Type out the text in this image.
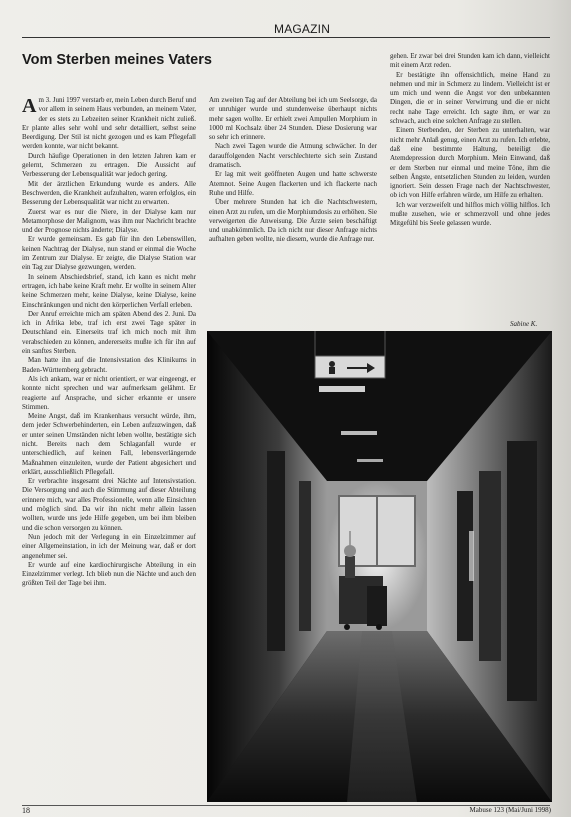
MAGAZIN
Vom Sterben meines Vaters

Am 3. Juni 1997 verstarb er, mein Leben durch Beruf und vor allem in seinem Haus verbunden, an meinem Vater, der es stets zu Lebzeiten seiner Krankheit nicht zuließ. Er plante alles sehr wohl und sehr detailliert, selbst seine Beerdigung. Der Stil ist nicht gezogen und es kam Pflegefall werden konnte, war nicht bekannt.

Durch häufige Operationen in den letzten Jahren kam er gelernt, Schmerzen zu ertragen. Die Aussicht auf Verbesserung der Lebensqualität war jedoch gering.

Mit der ärztlichen Erkundung wurde es anders. Alle Beschwerden, die Krankheit aufzuhalten, waren erfolglos, ein Besserung der Lebensqualität war nicht zu erwarten.

Zuerst war es nur die Niere, in der Dialyse kam nur Metamorphose der Malignom, was ihm nur Nachricht brachte und der Prognose nichts änderte; Dialyse.

Er wurde gemeinsam. Es gab für ihn den Lebenswillen, keinen Nachtrag der Dialyse, nun stand er einmal die Woche im Zentrum zur Dialyse. Er zeigte, die Dialyse Station war ein Tag zur Dialyse gezwungen, werden.

In seinem Abschiedsbrief, stand, ich kann es nicht mehr ertragen, ich habe keine Kraft mehr. Er wollte in seinem Alter keine Schmerzen mehr, keine Dialyse, keine Dialyse, keine Einschränkungen und nicht den körperlichen Verfall erleben.

Der Anruf erreichte mich am späten Abend des 2. Juni. Da ich in Afrika lebe, traf ich erst zwei Tage später in Deutschland ein. Einerseits traf ich mich noch mit ihm verabschieden zu können, andererseits mußte ich für ihn auf ein sanftes Sterben.

Man hatte ihn auf die Intensivstation des Klinikums in Baden-Württemberg gebracht.

Als ich ankam, war er nicht orientiert, er war eingeengt, er konnte nicht sprechen und war aufmerksam gelähmt. Er reagierte auf Ansprache, und sicher erkannte er unsere Stimmen.

Meine Angst, daß im Krankenhaus versucht würde, ihm, dem jeder Schwerbehinderten, ein Leben aufzuzwingen, daß er unter seinen Umständen nicht leben wollte, bestätigte sich nicht. Bereits nach dem Schlaganfall wurde er unterschiedlich, auf keinen Fall, lebensverlängernde Maßnahmen einzuleiten, wurde der Patient abgesichert und erklärt, ausschließlich Pflegefall.

Er verbrachte insgesamt drei Nächte auf Intensivstation. Die Versorgung und auch die Stimmung auf dieser Abteilung erinnere mich, war alles Professionelle, wenn alle Einsichten und möglich sind. Da wir ihn nicht mehr allein lassen wollten, wurde uns jede Hilfe gegeben, um bei ihm bleiben und die schon versorgen zu können.

Nun jedoch mit der Verlegung in ein Einzelzimmer auf einer Allgemeinstation, in ich der Meinung war, daß er dort angenehmer sei.

Er wurde auf eine kardiochirurgische Abteilung in ein Einzelzimmer verlegt. Ich blieb nun die Nächte und auch den größten Teil der Tage bei ihm.

Am zweiten Tag auf der Abteilung bei ich um Seelsorge, da er unruhiger wurde und stundenweise überhaupt nichts mehr sagen wollte. Er erhielt zwei Ampullen Morphium in 1000 ml Kochsalz über 24 Stunden. Diese Dosierung war so sehr ich erinnere.

Nach zwei Tagen wurde die Atmung schwächer. In der darauffolgenden Nacht verschlechterte sich sein Zustand dramatisch.

Er lag mit weit geöffneten Augen und hatte schwerste Atemnot. Seine Augen flackerten und ich flackerte nach Ruhe und Hilfe.

Über mehrere Stunden hat ich die Nachtschwestern, einen Arzt zu rufen, um die Morphiumdosis zu erhöhen. Sie verweigerten die Anweisung. Die Ärzte seien beschäftigt und unabkömmlich. Da ich nicht nur dieser Anfrage nichts aufhalten geben wollte, nie diesem, wurde die Anfrage nur.

gehen. Er zwar bei drei Stunden kam ich dann, vielleicht mit einem Arzt reden.

Er bestätigte ihn offensichtlich, meine Hand zu nehmen und mir in Schmerz zu lindern. Vielleicht ist er um mich und wenn die Angst vor den unbekannten Dingen, die er in seiner Verwirrung und die er nicht recht nahe Tage erreicht. Ich sagte ihm, er war zu schwach, auch eine solchen Anfrage zu stellen.

Einem Sterbenden, der Sterben zu unterhalten, war nicht mehr Anlaß genug, einen Arzt zu rufen. Ich erlebte, daß eine bestimmte Haltung, beteiligt die Atemdepression durch Morphium. Mein Einwand, daß er dem Sterben nur einmal und meine Töne, ihm die selben Ängste, entsetzlichen Stunden zu leiden, wurden ignoriert. Sein dessen Frage nach der Nachtschwester, ob ich von Hilfe erfahren würde, um Hilfe zu erhalten.

Ich war verzweifelt und hilflos mich völlig hilflos. Ich mußte zusehen, wie er schmerzvoll und ohne jedes Mitgefühl bis Seele gelassen wurde.

Sabine K.
18	Mabuse 123 (Mai/Juni 1998)
